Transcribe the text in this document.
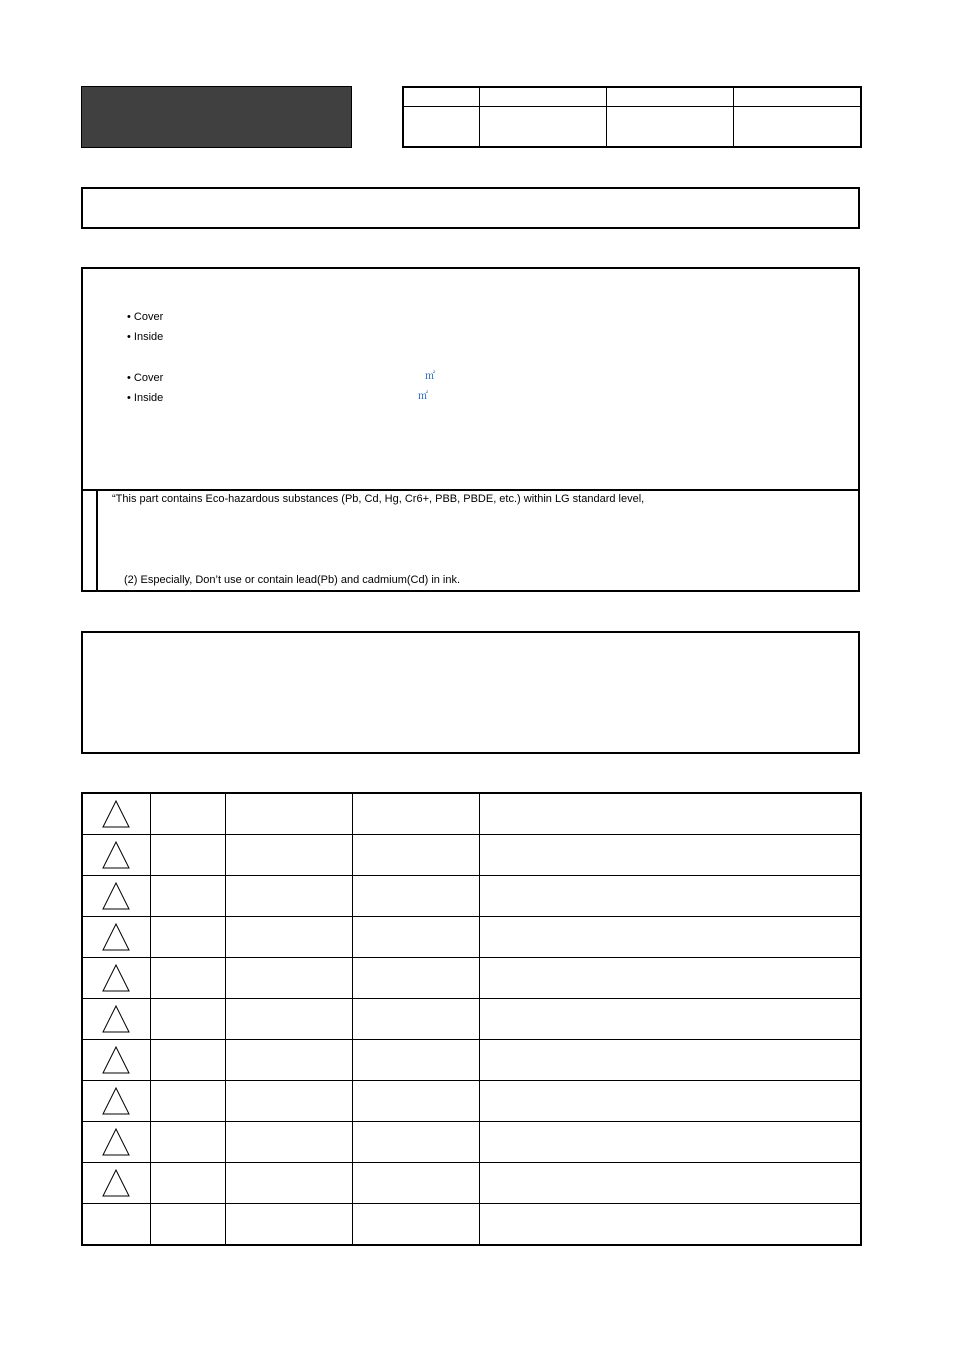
• Cover
• Inside
• Cover
• Inside
㎡
㎡
“This part contains Eco-hazardous substances (Pb, Cd, Hg, Cr6+, PBB, PBDE, etc.) within LG standard level,
(2) Especially, Don’t use or contain lead(Pb) and cadmium(Cd) in ink.
